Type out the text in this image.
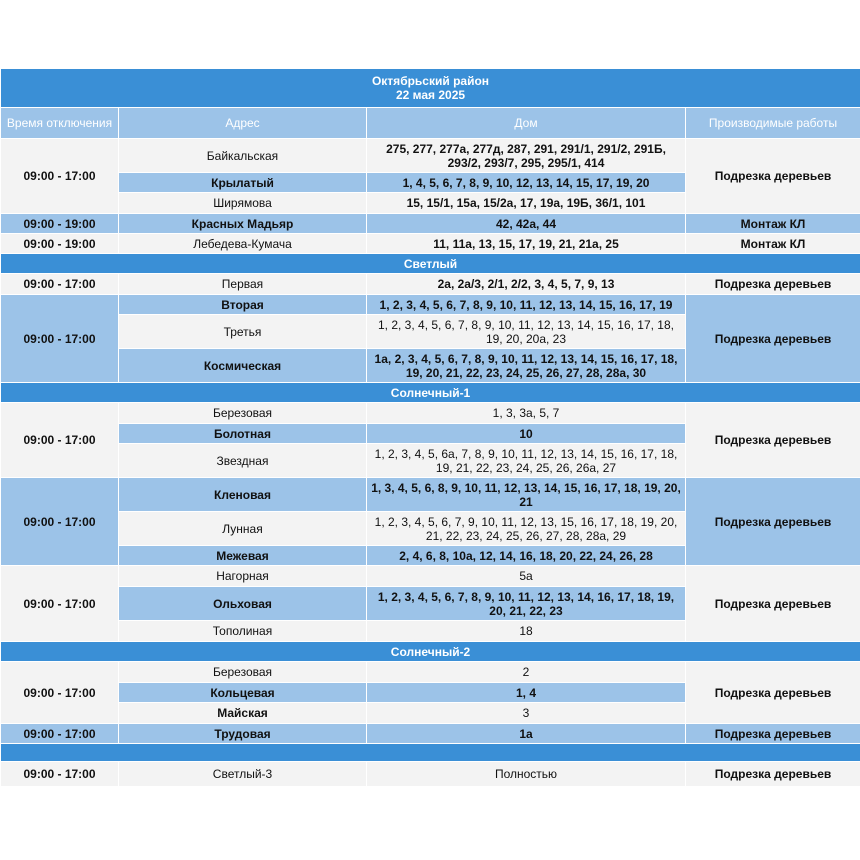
Октябрьский район
22 мая 2025			

Время отключения	Адрес	Дом	Производимые работы
09:00 - 17:00	Байкальская	275, 277, 277а, 277д, 287, 291, 291/1, 291/2, 291Б, 293/2, 293/7, 295, 295/1, 414	Подрезка деревьев
	Крылатый	1, 4, 5, 6, 7, 8, 9, 10, 12, 13, 14, 15, 17, 19, 20	
	Ширямова	15, 15/1, 15а, 15/2а, 17, 19а, 19Б, 36/1, 101	
09:00 - 19:00	Красных Мадьяр	42, 42а, 44	Монтаж КЛ
09:00 - 19:00	Лебедева-Кумача	11, 11а, 13, 15, 17, 19, 21, 21а, 25	Монтаж КЛ
Светлый			
09:00 - 17:00	Первая	2а, 2а/3, 2/1, 2/2, 3, 4, 5, 7, 9, 13	Подрезка деревьев
09:00 - 17:00	Вторая	1, 2, 3, 4, 5, 6, 7, 8, 9, 10, 11, 12, 13, 14, 15, 16, 17, 19	Подрезка деревьев
	Третья	1, 2, 3, 4, 5, 6, 7, 8, 9, 10, 11, 12, 13, 14, 15, 16, 17, 18, 19, 20, 20а, 23	
	Космическая	1а, 2, 3, 4, 5, 6, 7, 8, 9, 10, 11, 12, 13, 14, 15, 16, 17, 18, 19, 20, 21, 22, 23, 24, 25, 26, 27, 28, 28а, 30	
Солнечный-1			
09:00 - 17:00	Березовая	1, 3, 3а, 5, 7	Подрезка деревьев
	Болотная	10	
	Звездная	1, 2, 3, 4, 5, 6а, 7, 8, 9, 10, 11, 12, 13, 14, 15, 16, 17, 18, 19, 21, 22, 23, 24, 25, 26, 26а, 27	
09:00 - 17:00	Кленовая	1, 3, 4, 5, 6, 8, 9, 10, 11, 12, 13, 14, 15, 16, 17, 18, 19, 20, 21	Подрезка деревьев
	Лунная	1, 2, 3, 4, 5, 6, 7, 9, 10, 11, 12, 13, 15, 16, 17, 18, 19, 20, 21, 22, 23, 24, 25, 26, 27, 28, 28а, 29	
	Межевая	2, 4, 6, 8, 10а, 12, 14, 16, 18, 20, 22, 24, 26, 28	
09:00 - 17:00	Нагорная	5а	Подрезка деревьев
	Ольховая	1, 2, 3, 4, 5, 6, 7, 8, 9, 10, 11, 12, 13, 14, 16, 17, 18, 19, 20, 21, 22, 23	
	Тополиная	18	
Солнечный-2			
09:00 - 17:00	Березовая	2	Подрезка деревьев
	Кольцевая	1, 4	
	Майская	3	
09:00 - 17:00	Трудовая	1а	Подрезка деревьев

09:00 - 17:00	Светлый-3	Полностью	Подрезка деревьев
